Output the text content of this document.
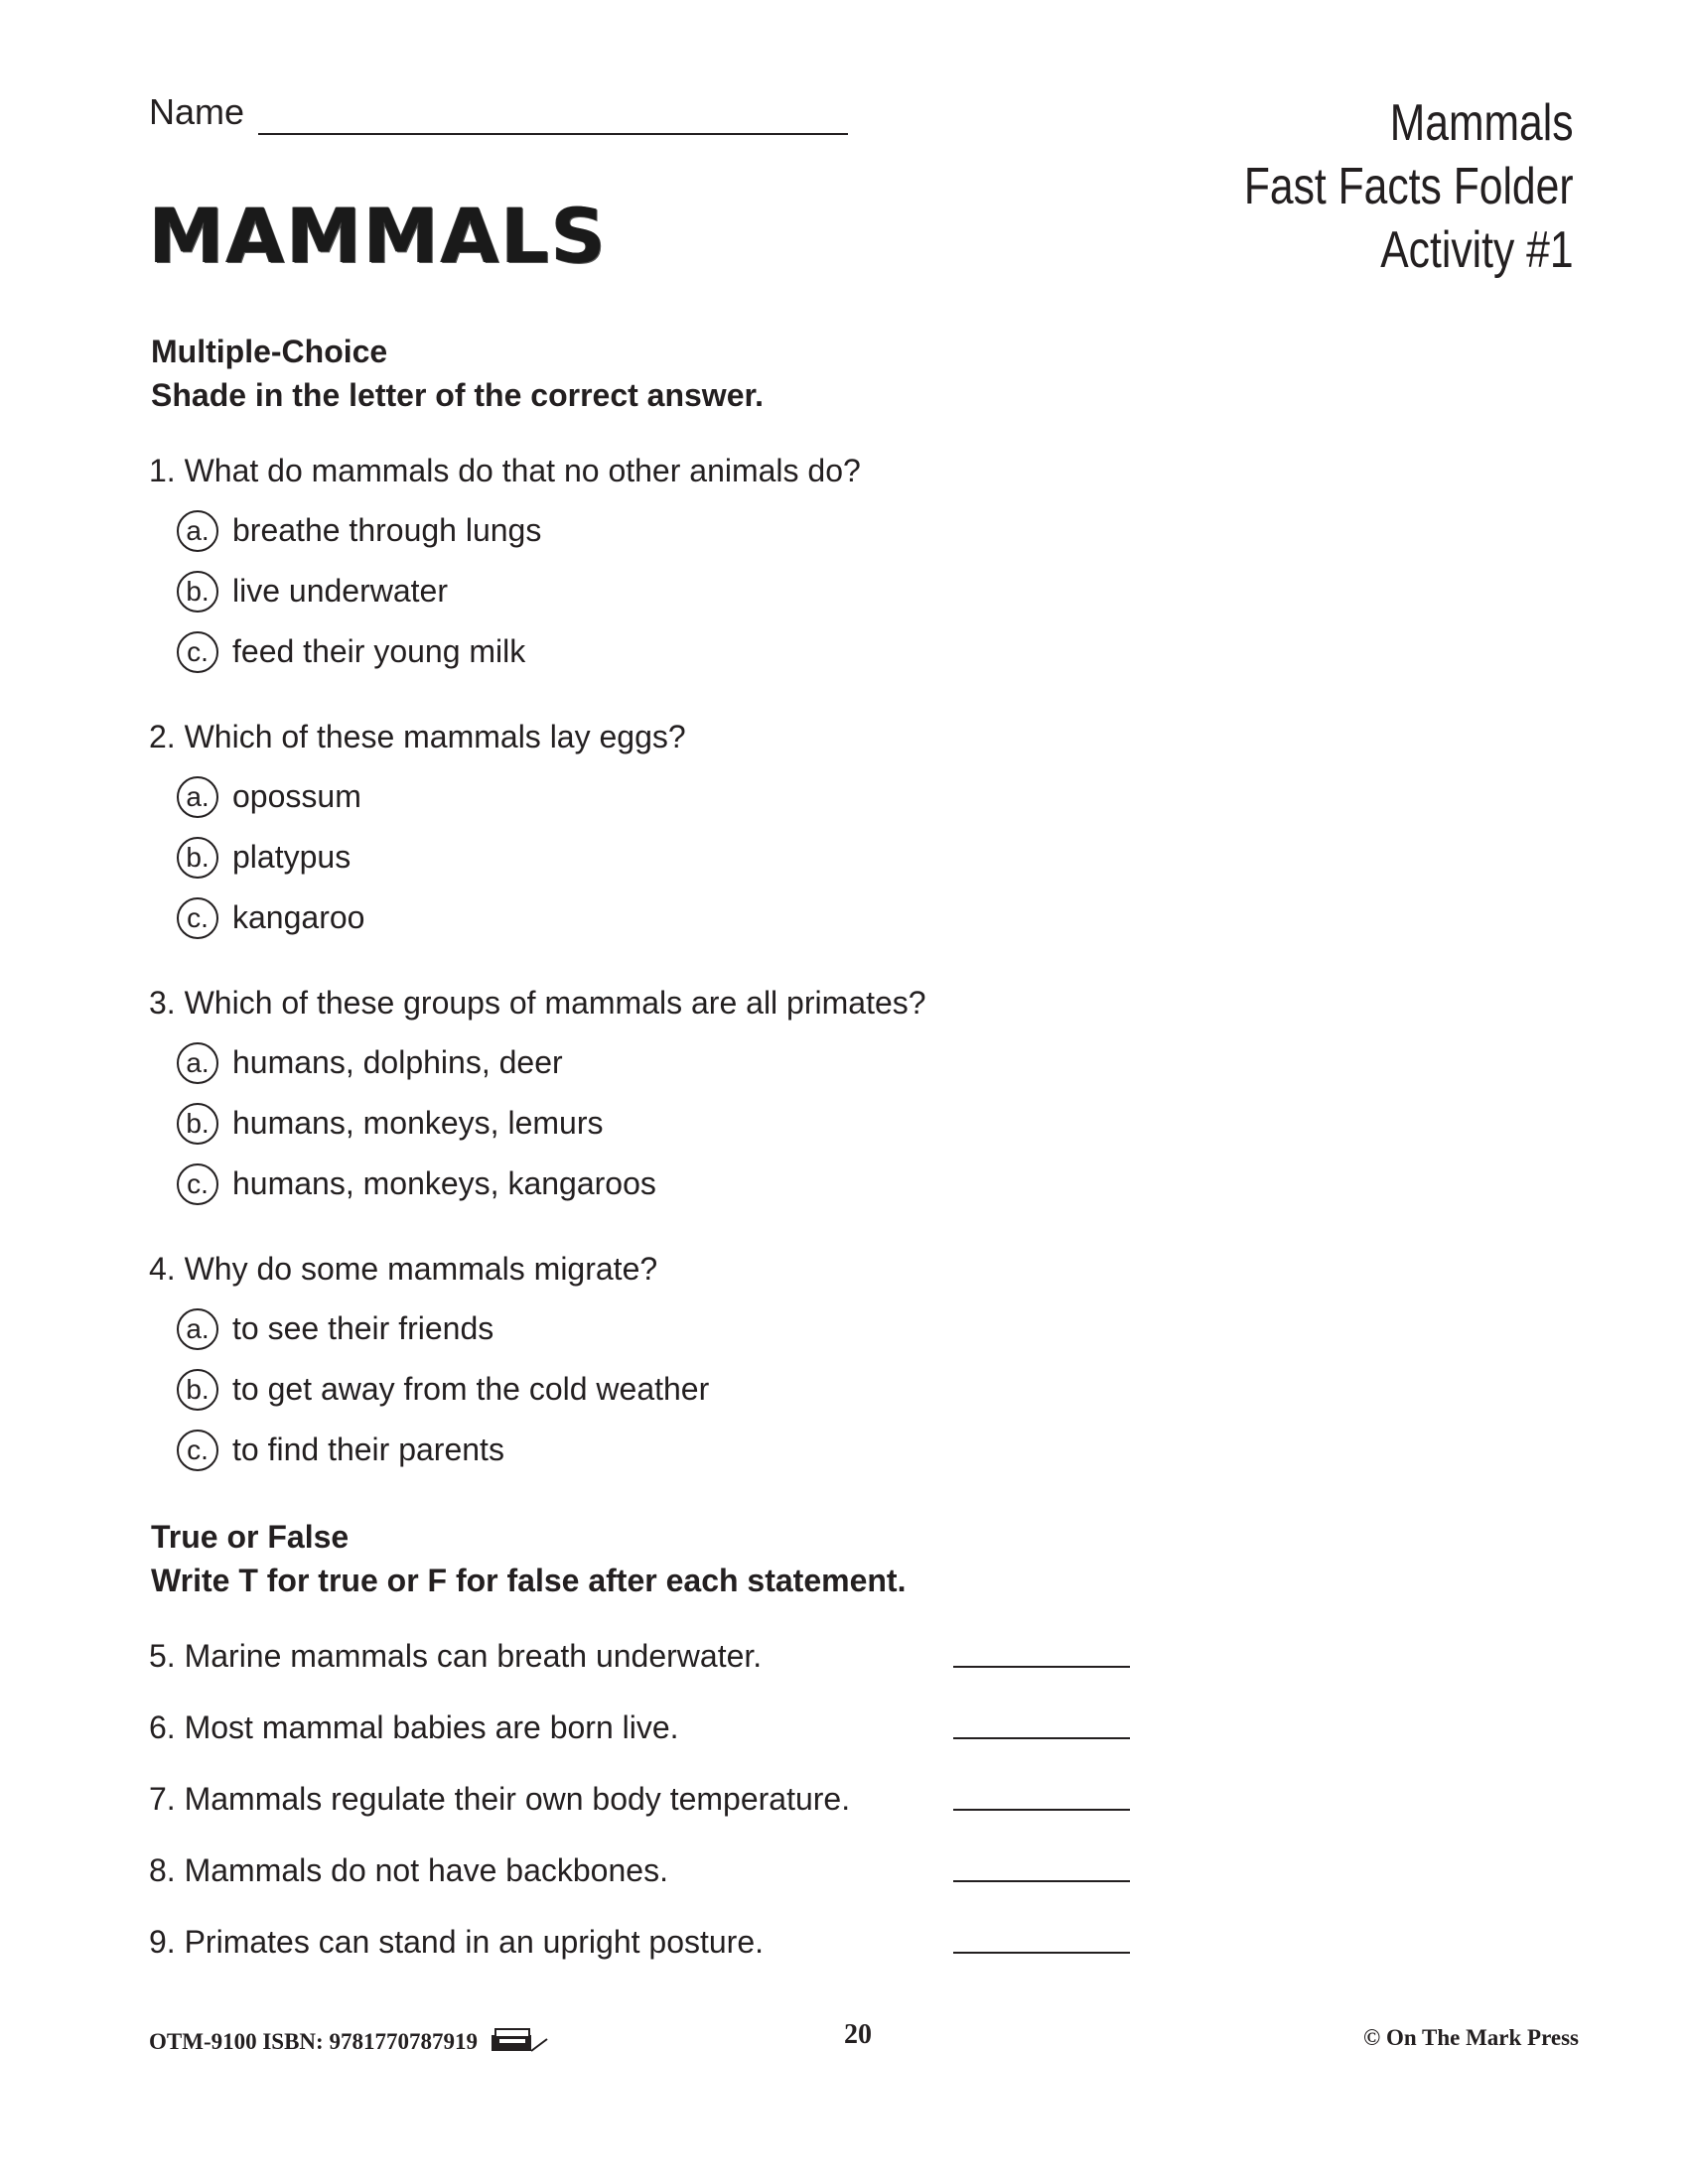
Name	Mammals
Fast Facts Folder
Activity #1
MAMMALS
Multiple-Choice
Shade in the letter of the correct answer.
1. What do mammals do that no other animals do?
a. breathe through lungs
b. live underwater
c. feed their young milk
2. Which of these mammals lay eggs?
a. opossum
b. platypus
c. kangaroo
3. Which of these groups of mammals are all primates?
a. humans, dolphins, deer
b. humans, monkeys, lemurs
c. humans, monkeys, kangaroos
4. Why do some mammals migrate?
a. to see their friends
b. to get away from the cold weather
c. to find their parents
True or False
Write T for true or F for false after each statement.
5. Marine mammals can breath underwater.
6. Most mammal babies are born live.
7. Mammals regulate their own body temperature.
8. Mammals do not have backbones.
9. Primates can stand in an upright posture.
OTM-9100 ISBN: 9781770787919	20	© On The Mark Press
